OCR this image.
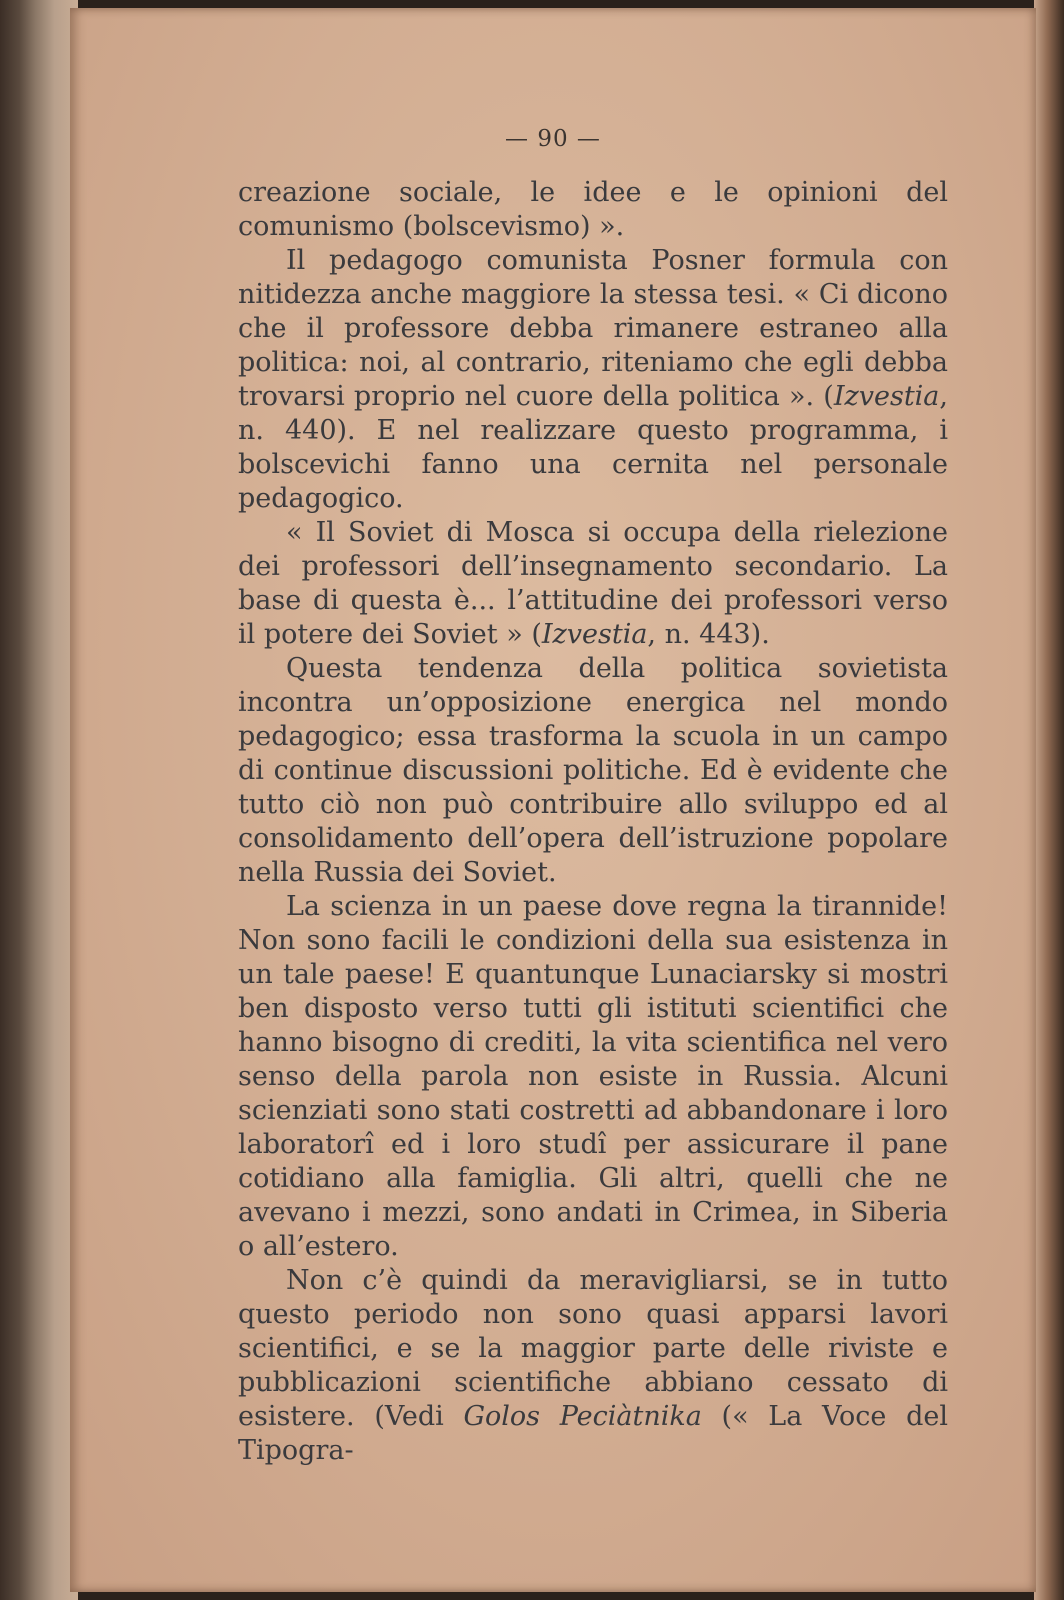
— 90 —

creazione sociale, le idee e le opinioni del comunismo (bolscevismo) ».

Il pedagogo comunista Posner formula con nitidezza anche maggiore la stessa tesi. « Ci dicono che il professore debba rimanere estraneo alla politica: noi, al contrario, riteniamo che egli debba trovarsi proprio nel cuore della politica ». (Izvestia, n. 440). E nel realizzare questo programma, i bolscevichi fanno una cernita nel personale pedagogico.

« Il Soviet di Mosca si occupa della rielezione dei professori dell’insegnamento secondario. La base di questa è... l’attitudine dei professori verso il potere dei Soviet » (Izvestia, n. 443).

Questa tendenza della politica sovietista incontra un’opposizione energica nel mondo pedagogico; essa trasforma la scuola in un campo di continue discussioni politiche. Ed è evidente che tutto ciò non può contribuire allo sviluppo ed al consolidamento dell’opera dell’istruzione popolare nella Russia dei Soviet.

La scienza in un paese dove regna la tirannide! Non sono facili le condizioni della sua esistenza in un tale paese! E quantunque Lunaciarsky si mostri ben disposto verso tutti gli istituti scientifici che hanno bisogno di crediti, la vita scientifica nel vero senso della parola non esiste in Russia. Alcuni scienziati sono stati costretti ad abbandonare i loro laboratorî ed i loro studî per assicurare il pane cotidiano alla famiglia. Gli altri, quelli che ne avevano i mezzi, sono andati in Crimea, in Siberia o all’estero.

Non c’è quindi da meravigliarsi, se in tutto questo periodo non sono quasi apparsi lavori scientifici, e se la maggior parte delle riviste e pubblicazioni scientifiche abbiano cessato di esistere. (Vedi Golos Peciàtnika (« La Voce del Tipogra-
